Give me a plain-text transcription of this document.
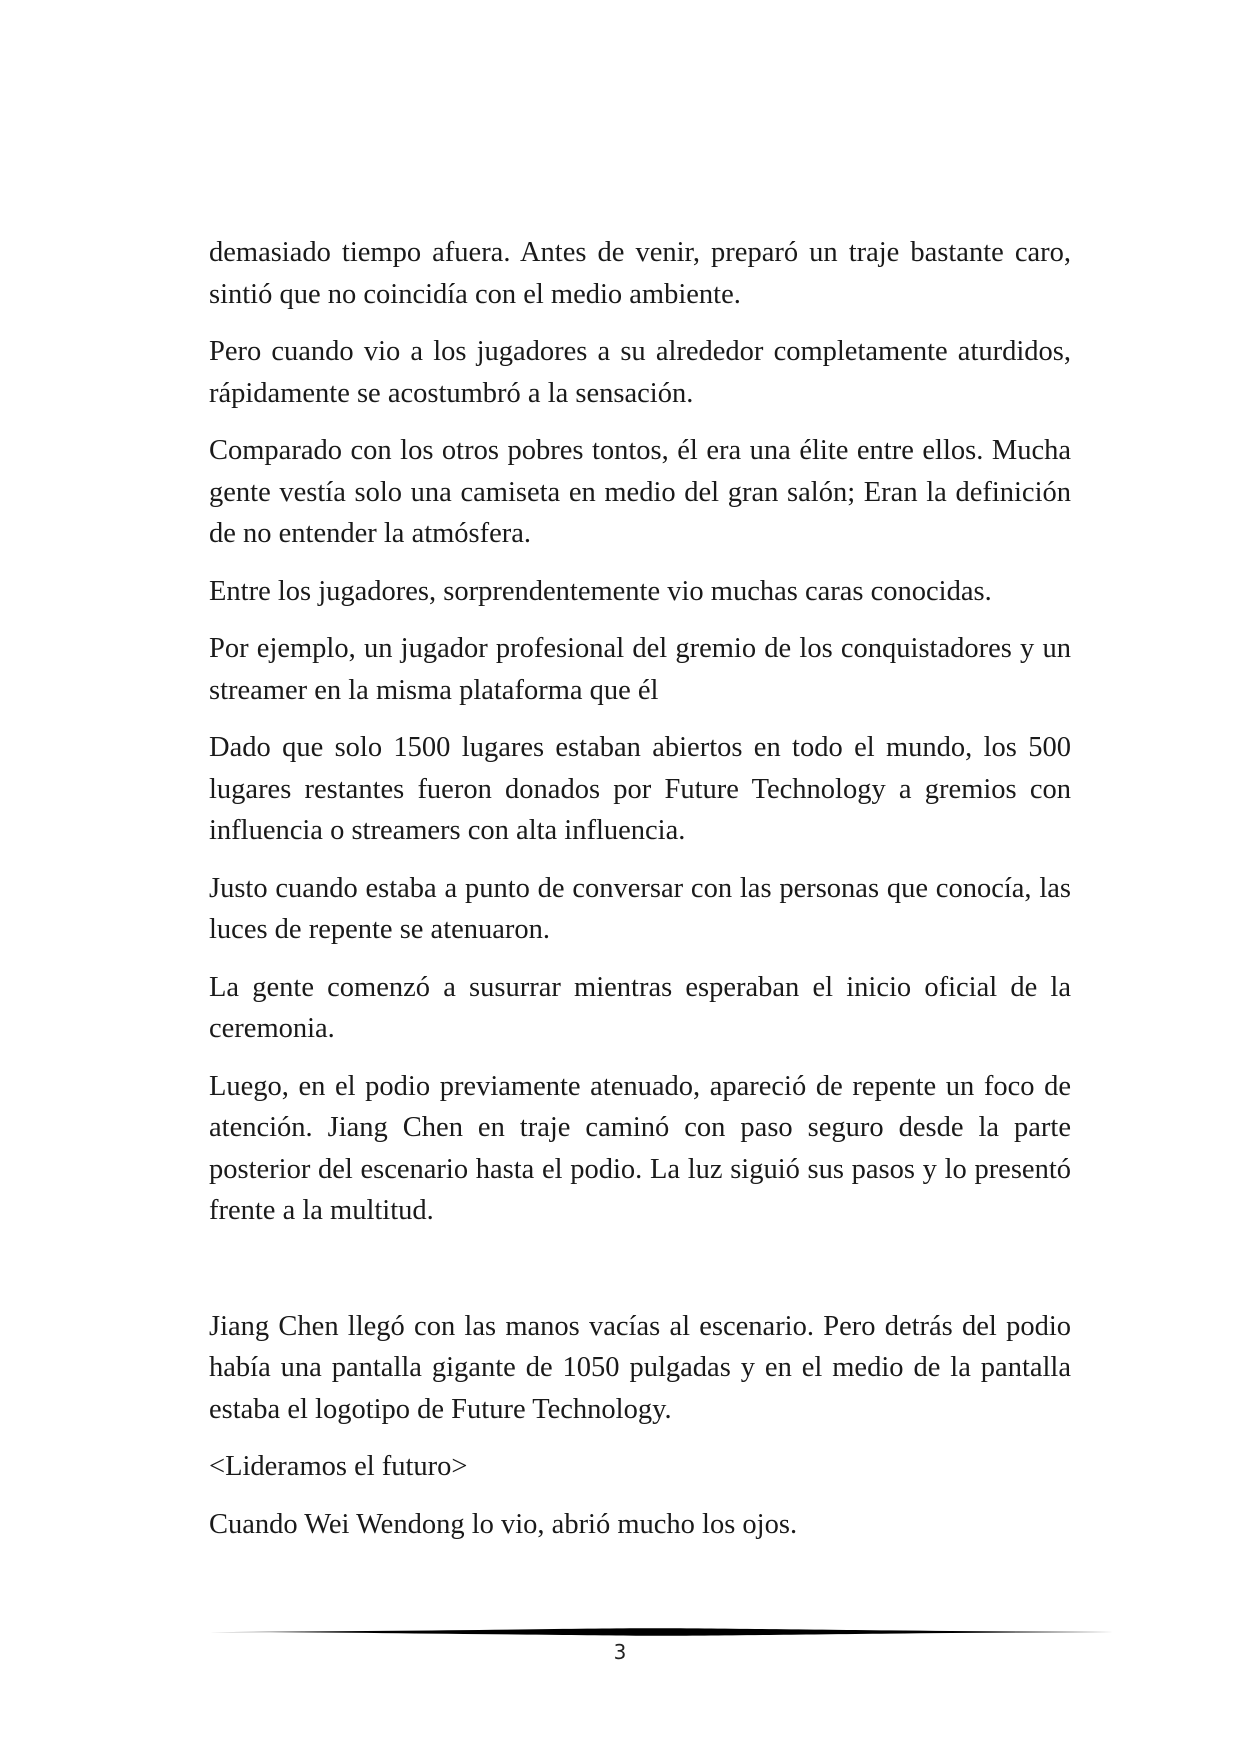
demasiado tiempo afuera. Antes de venir, preparó un traje bastante caro, sintió que no coincidía con el medio ambiente.

Pero cuando vio a los jugadores a su alrededor completamente aturdidos, rápidamente se acostumbró a la sensación.

Comparado con los otros pobres tontos, él era una élite entre ellos. Mucha gente vestía solo una camiseta en medio del gran salón; Eran la definición de no entender la atmósfera.

Entre los jugadores, sorprendentemente vio muchas caras conocidas.

Por ejemplo, un jugador profesional del gremio de los conquistadores y un streamer en la misma plataforma que él

Dado que solo 1500 lugares estaban abiertos en todo el mundo, los 500 lugares restantes fueron donados por Future Technology a gremios con influencia o streamers con alta influencia.

Justo cuando estaba a punto de conversar con las personas que conocía, las luces de repente se atenuaron.

La gente comenzó a susurrar mientras esperaban el inicio oficial de la ceremonia.

Luego, en el podio previamente atenuado, apareció de repente un foco de atención. Jiang Chen en traje caminó con paso seguro desde la parte posterior del escenario hasta el podio. La luz siguió sus pasos y lo presentó frente a la multitud.

Jiang Chen llegó con las manos vacías al escenario. Pero detrás del podio había una pantalla gigante de 1050 pulgadas y en el medio de la pantalla estaba el logotipo de Future Technology.

<Lideramos el futuro>

Cuando Wei Wendong lo vio, abrió mucho los ojos.

3
